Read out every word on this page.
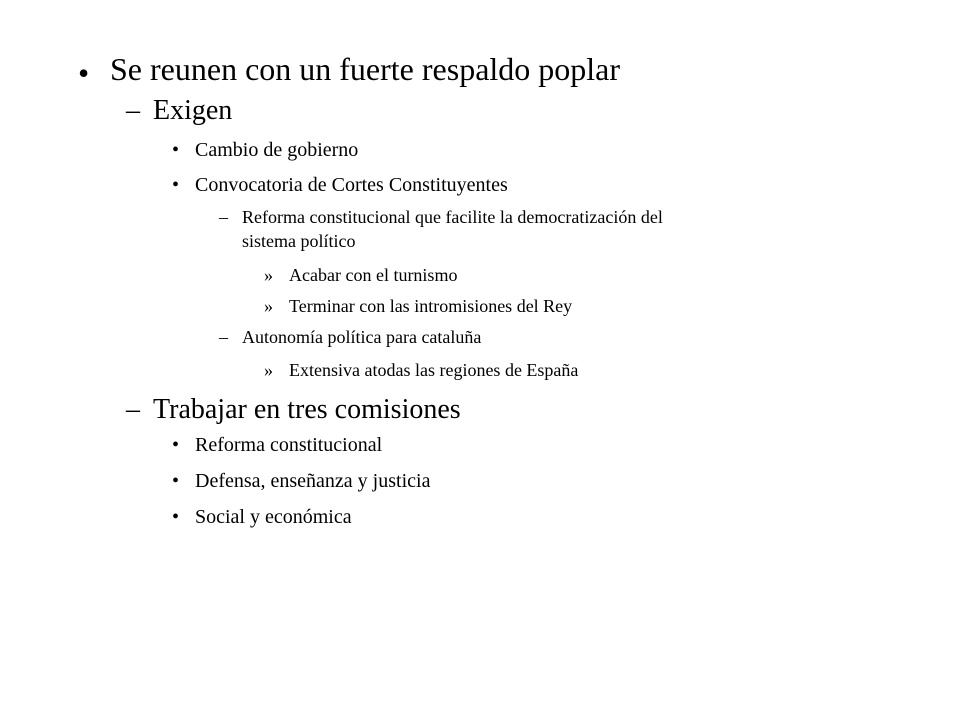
• Se reunen con un fuerte respaldo poplar
– Exigen
• Cambio de gobierno
• Convocatoria de Cortes Constituyentes
– Reforma constitucional que facilite la democratización del
sistema político
» Acabar con el turnismo
» Terminar con las intromisiones del Rey
– Autonomía política para cataluña
» Extensiva atodas las regiones de España
– Trabajar en tres comisiones
• Reforma constitucional
• Defensa, enseñanza y justicia
• Social y económica
